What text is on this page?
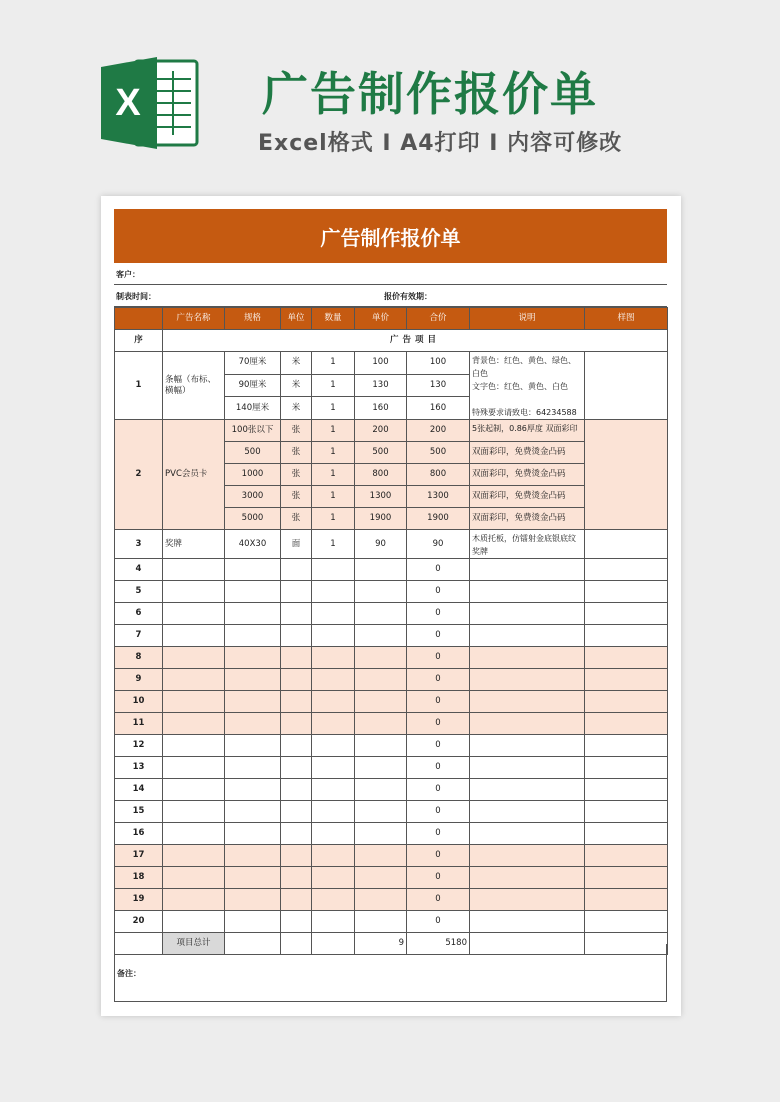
X	广告制作报价单
Excel格式 I A4打印 I 内容可修改
广告制作报价单
客户：
制表时间：	报价有效期：
	广告名称	规格	单位	数量	单价	合价	说明	样图
序	广告项目							
1	条幅（布标、横幅）	70厘米	米	1	100	100	背景色：红色、黄色、绿色、白色
文字色：红色、黄色、白色

特殊要求请致电：64234588	
		90厘米	米	1	130	130		
		140厘米	米	1	160	160		
2	PVC会员卡	100张以下	张	1	200	200	5张起制，0.86厚度 双面彩印	
		500	张	1	500	500	双面彩印，免费烫金凸码	
		1000	张	1	800	800	双面彩印，免费烫金凸码	
		3000	张	1	1300	1300	双面彩印，免费烫金凸码	
		5000	张	1	1900	1900	双面彩印，免费烫金凸码	
3	奖牌	40X30	面	1	90	90	木质托板，仿镭射金底银底纹奖牌	
4						0		
5						0		
6						0		
7						0		
8						0		
9						0		
10						0		
11						0		
12						0		
13						0		
14						0		
15						0		
16						0		
17						0		
18						0		
19						0		
20						0		
	项目总计				9	5180		
备注：
